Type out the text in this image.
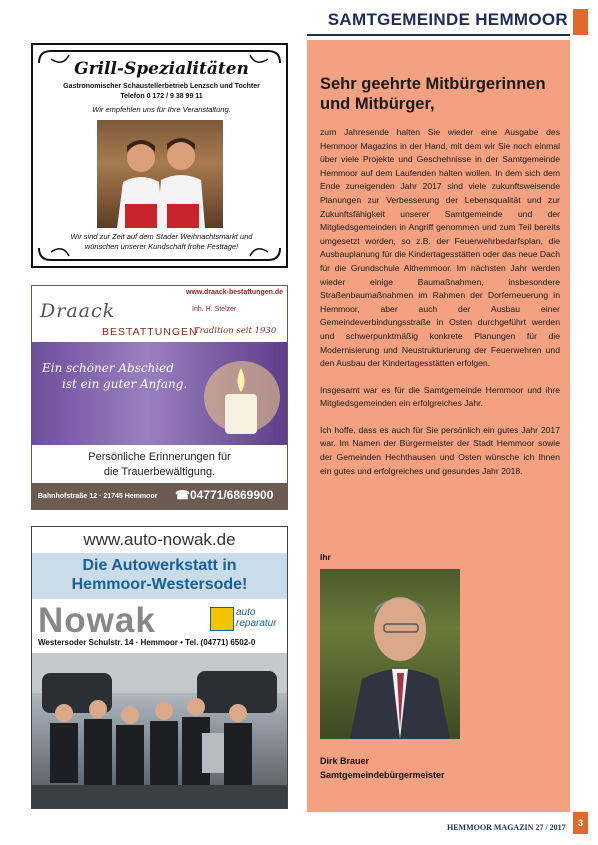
SAMTGEMEINDE HEMMOOR
Sehr geehrte Mitbürgerinnen und Mitbürger,

zum Jahresende halten Sie wieder eine Ausgabe des Hemmoor Magazins in der Hand, mit dem wir Sie noch einmal über viele Projekte und Geschehnisse in der Samtgemeinde Hemmoor auf dem Laufenden halten wollen. In dem sich dem Ende zuneigenden Jahr 2017 sind viele zukunftsweisende Planungen zur Verbesserung der Lebensqualität und zur Zukunftsfähigkeit unserer Samtgemeinde und der Mitgliedsgemeinden in Angriff genommen und zum Teil bereits umgesetzt worden, so z.B. der Feuerwehrbedarfsplan, die Ausbauplanung für die Kindertagesstätten oder das neue Dach für die Grundschule Althemmoor. Im nächsten Jahr werden wieder einige Baumaßnahmen, insbesondere Straßenbaumaßnahmen im Rahmen der Dorferneuerung in Hemmoor, aber auch der Ausbau einer Gemeindeverbindungsstraße in Osten durchgeführt werden und schwerpunktmäßig konkrete Planungen für die Modernisierung und Neustrukturierung der Feuerwehren und den Ausbau der Kindertagesstätten erfolgen.

Insgesamt war es für die Samtgemeinde Hemmoor und ihre Mitgliedsgemeinden ein erfolgreiches Jahr.

Ich hoffe, dass es auch für Sie persönlich ein gutes Jahr 2017 war. Im Namen der Bürgermeister der Stadt Hemmoor sowie der Gemeinden Hechthausen und Osten wünsche ich Ihnen ein gutes und erfolgreiches und gesundes Jahr 2018.

Ihr
Dirk Brauer
Samtgemeindebürgermeister
HEMMOOR MAGAZIN 27 / 2017	3
Grill-Spezialitäten
Gastronomischer Schaustellerbetrieb Lenzsch und Tochter
Telefon 0 172 / 9 38 99 11
Wir empfehlen uns für Ihre Veranstaltung.
Wir sind zur Zeit auf dem Stader Weihnachtsmarkt und
wünschen unserer Kundschaft frohe Festtage!
www.draack-bestattungen.de
Draack	Inh. H. Stelzer
BESTATTUNGEN
Tradition seit 1930
Ein schöner Abschied
ist ein guter Anfang.
Persönliche Erinnerungen für
die Trauerbewältigung.
Bahnhofstraße 12 · 21745 Hemmoor ☎04771/6869900
www.auto-nowak.de
Die Autowerkstatt in
Hemmoor-Westersode!
Nowak	auto reparatur
Westersoder Schulstr. 14 · Hemmoor • Tel. (04771) 6502-0
